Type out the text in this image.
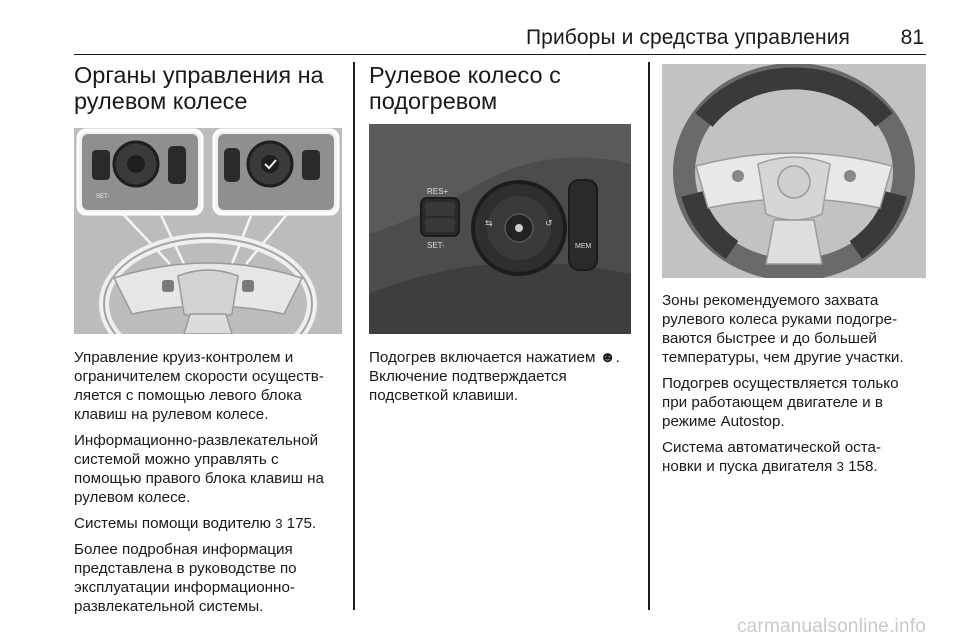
Приборы и средства управления 81
Органы управления на
рулевом колесе
SET-

Управление круиз-контролем и
ограничителем скорости осуществ-
ляется с помощью левого блока
клавиш на рулевом колесе.

Информационно-развлекательной
системой можно управлять с
помощью правого блока клавиш на
рулевом колесе.

Системы помощи водителю 3 175.

Более подробная информация
представлена в руководстве по
эксплуатации информационно-
развлекательной системы.

Рулевое колесо с
подогревом
RES+
SET-
⇆	↺
MEM

Подогрев включается нажатием ☻.
Включение подтверждается
подсветкой клавиши.

Зоны рекомендуемого захвата
рулевого колеса руками подогре-
ваются быстрее и до большей
температуры, чем другие участки.

Подогрев осуществляется только
при работающем двигателе и в
режиме Autostop.

Система автоматической оста-
новки и пуска двигателя 3 158.

carmanualsonline.info
